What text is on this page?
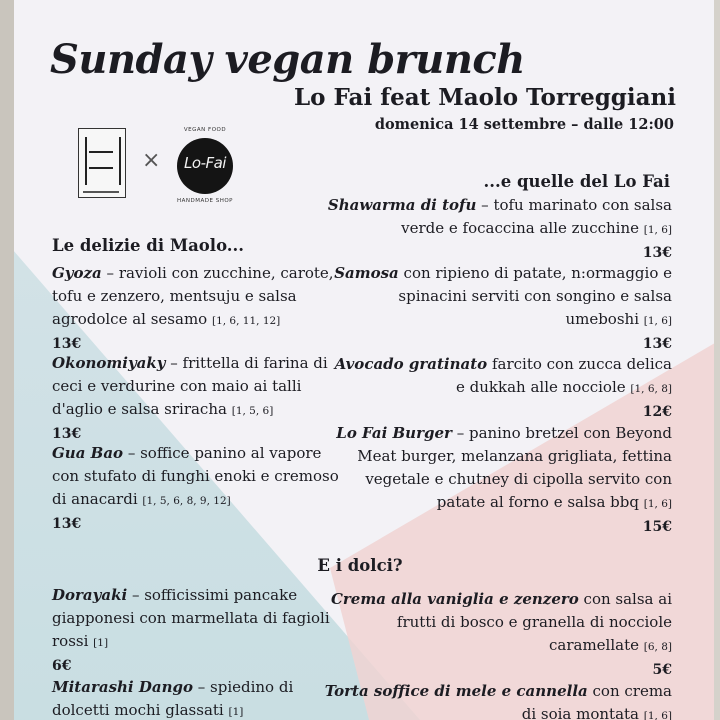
Sunday vegan brunch
Lo Fai feat Maolo Torreggiani
domenica 14 settembre – dalle 12:00
×
VEGAN FOOD
Lo-Fai
HANDMADE SHOP
...e quelle del Lo Fai
Le delizie di Maolo...
E i dolci?
Gyoza – ravioli con zucchine, carote, tofu e zenzero, mentsuju e salsa agrodolce al sesamo [1, 6, 11, 12]
13€
Okonomiyaky – frittella di farina di ceci e verdurine con maio ai talli d'aglio e salsa sriracha [1, 5, 6]
13€
Gua Bao – soffice panino al vapore con stufato di funghi enoki e cremoso di anacardi [1, 5, 6, 8, 9, 12]
13€
Shawarma di tofu – tofu marinato con salsa verde e focaccina alle zucchine [1, 6]
13€
Samosa con ripieno di patate, n:ormaggio e spinacini serviti con songino e salsa umeboshi [1, 6]
13€
Avocado gratinato farcito con zucca delica e dukkah alle nocciole [1, 6, 8]
12€
Lo Fai Burger – panino bretzel con Beyond Meat burger, melanzana grigliata, fettina vegetale e chutney di cipolla servito con patate al forno e salsa bbq [1, 6]
15€
Dorayaki – sofficissimi pancake giapponesi con marmellata di fagioli rossi [1]
6€
Mitarashi Dango – spiedino di dolcetti mochi glassati [1]
Crema alla vaniglia e zenzero con salsa ai frutti di bosco e granella di nocciole caramellate [6, 8]
5€
Torta soffice di mele e cannella con crema di soia montata [1, 6]
